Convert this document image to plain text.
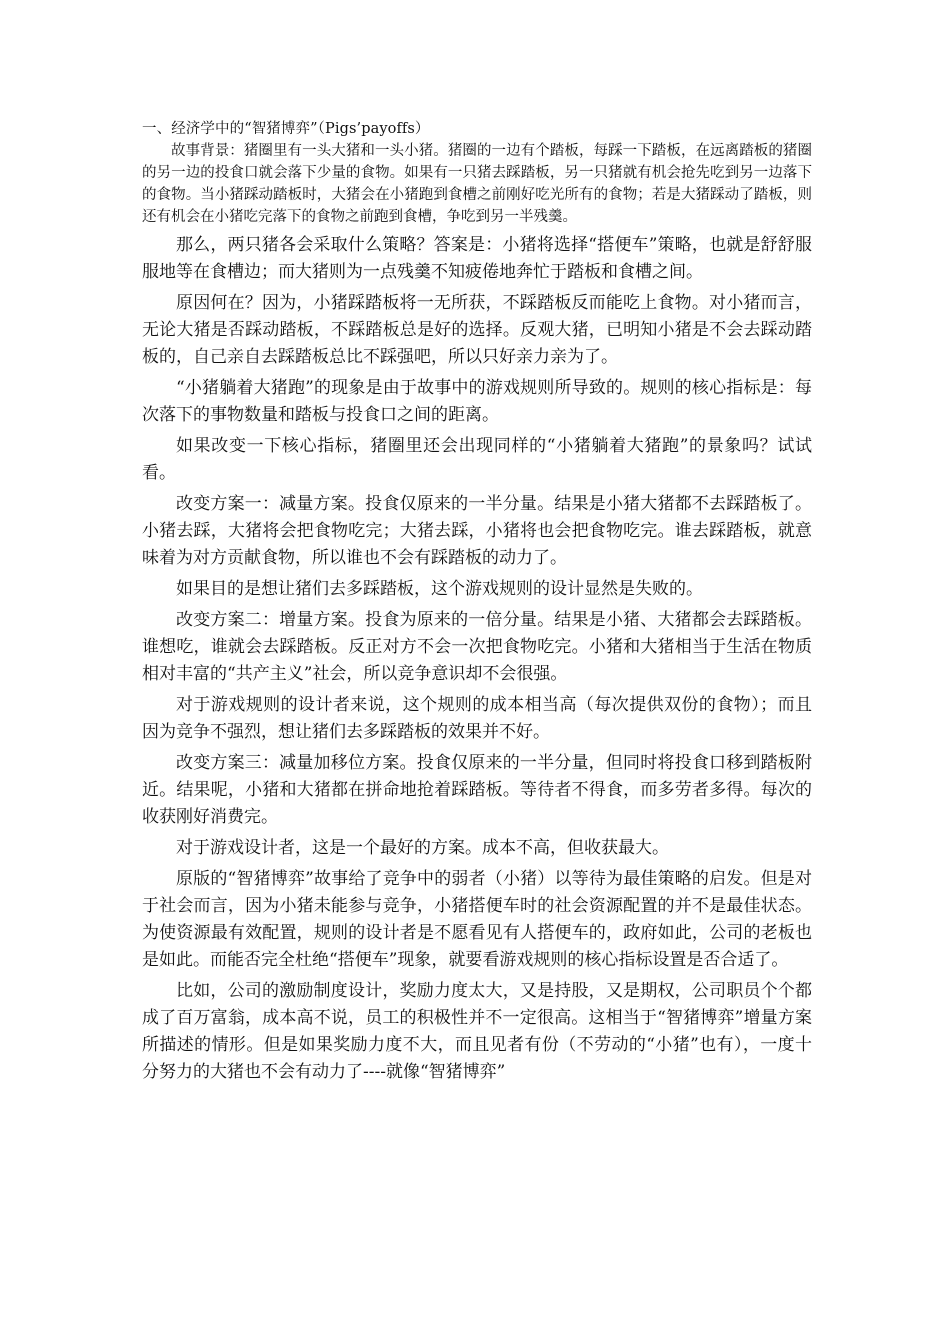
一、经济学中的“智猪博弈”（Pigs’payoffs）

故事背景：猪圈里有一头大猪和一头小猪。猪圈的一边有个踏板，每踩一下踏板，在远离踏板的猪圈的另一边的投食口就会落下少量的食物。如果有一只猪去踩踏板，另一只猪就有机会抢先吃到另一边落下的食物。当小猪踩动踏板时，大猪会在小猪跑到食槽之前刚好吃光所有的食物；若是大猪踩动了踏板，则还有机会在小猪吃完落下的食物之前跑到食槽，争吃到另一半残羹。

那么，两只猪各会采取什么策略？答案是：小猪将选择“搭便车”策略，也就是舒舒服服地等在食槽边；而大猪则为一点残羹不知疲倦地奔忙于踏板和食槽之间。

原因何在？因为，小猪踩踏板将一无所获，不踩踏板反而能吃上食物。对小猪而言，无论大猪是否踩动踏板，不踩踏板总是好的选择。反观大猪，已明知小猪是不会去踩动踏板的，自己亲自去踩踏板总比不踩强吧，所以只好亲力亲为了。

“小猪躺着大猪跑”的现象是由于故事中的游戏规则所导致的。规则的核心指标是：每次落下的事物数量和踏板与投食口之间的距离。

如果改变一下核心指标，猪圈里还会出现同样的“小猪躺着大猪跑”的景象吗？试试看。

改变方案一：减量方案。投食仅原来的一半分量。结果是小猪大猪都不去踩踏板了。小猪去踩，大猪将会把食物吃完；大猪去踩，小猪将也会把食物吃完。谁去踩踏板，就意味着为对方贡献食物，所以谁也不会有踩踏板的动力了。

如果目的是想让猪们去多踩踏板，这个游戏规则的设计显然是失败的。

改变方案二：增量方案。投食为原来的一倍分量。结果是小猪、大猪都会去踩踏板。谁想吃，谁就会去踩踏板。反正对方不会一次把食物吃完。小猪和大猪相当于生活在物质相对丰富的“共产主义”社会，所以竞争意识却不会很强。

对于游戏规则的设计者来说，这个规则的成本相当高（每次提供双份的食物）；而且因为竞争不强烈，想让猪们去多踩踏板的效果并不好。

改变方案三：减量加移位方案。投食仅原来的一半分量，但同时将投食口移到踏板附近。结果呢，小猪和大猪都在拼命地抢着踩踏板。等待者不得食，而多劳者多得。每次的收获刚好消费完。

对于游戏设计者，这是一个最好的方案。成本不高，但收获最大。

原版的“智猪博弈”故事给了竞争中的弱者（小猪）以等待为最佳策略的启发。但是对于社会而言，因为小猪未能参与竞争，小猪搭便车时的社会资源配置的并不是最佳状态。为使资源最有效配置，规则的设计者是不愿看见有人搭便车的，政府如此，公司的老板也是如此。而能否完全杜绝“搭便车”现象，就要看游戏规则的核心指标设置是否合适了。

比如，公司的激励制度设计，奖励力度太大，又是持股，又是期权，公司职员个个都成了百万富翁，成本高不说，员工的积极性并不一定很高。这相当于“智猪博弈”增量方案所描述的情形。但是如果奖励力度不大，而且见者有份（不劳动的“小猪”也有），一度十分努力的大猪也不会有动力了----就像“智猪博弈”
